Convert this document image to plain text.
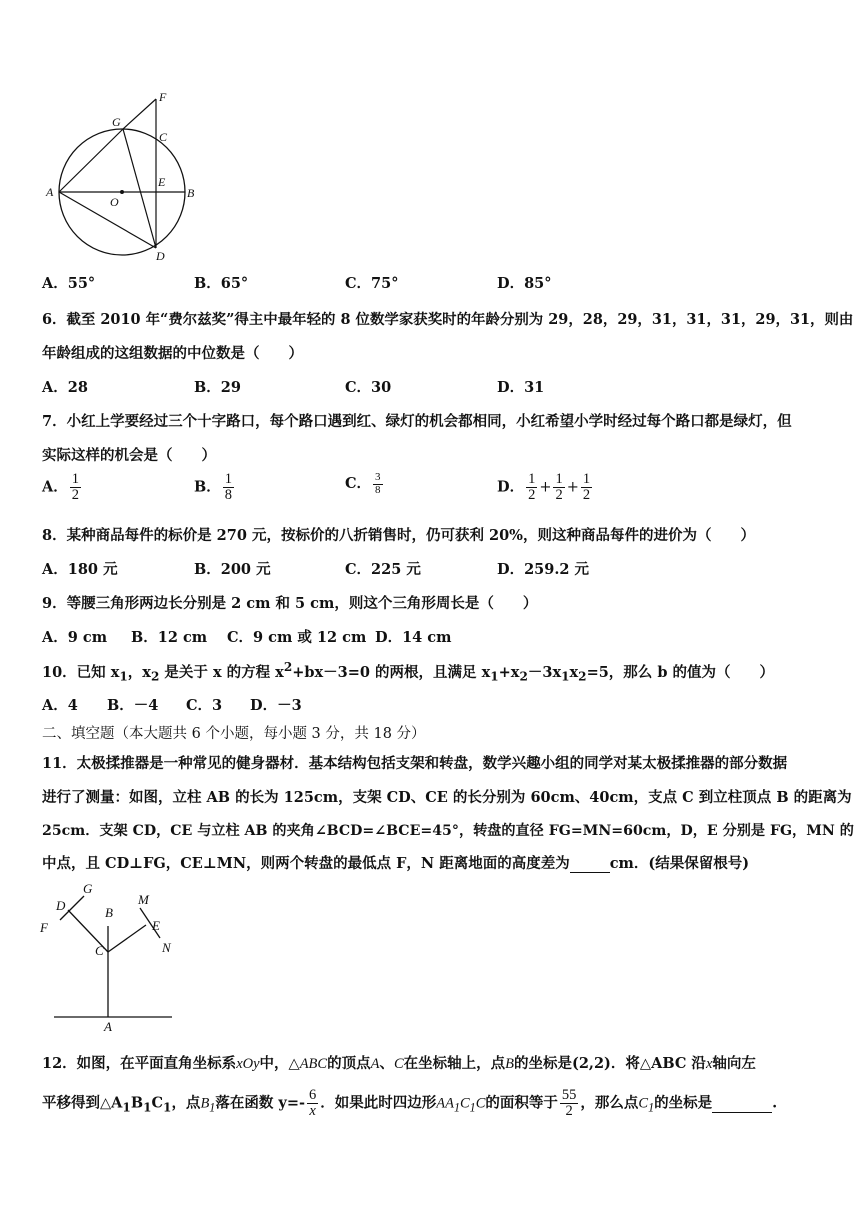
A
O
E
B
G
F
C
D
A．55°	B．65°	C．75°	D．85°
6．截至 2010 年“费尔兹奖”得主中最年轻的 8 位数学家获奖时的年龄分别为 29，28，29，31，31，31，29，31，则由
年龄组成的这组数据的中位数是（　　）
A．28	B．29	C．30	D．31
7．小红上学要经过三个十字路口，每个路口遇到红、绿灯的机会都相同，小红希望小学时经过每个路口都是绿灯，但
实际这样的机会是（　　）
A． $\frac{1}{2}$	B． $\frac{1}{8}$	C． $\frac{3}{8}$	D． $\frac{1}{2} + \frac{1}{2} + \frac{1}{2}$
8．某种商品每件的标价是 270 元，按标价的八折销售时，仍可获利 20%，则这种商品每件的进价为（　　）
A．180 元	B．200 元	C．225 元	D．259.2 元
9．等腰三角形两边长分别是 2 cm 和 5 cm，则这个三角形周长是（　　）
A．9 cm B．12 cm C．9 cm 或 12 cm D．14 cm
10．已知 $x_1$，$x_2$ 是关于 x 的方程 $x^2+bx-3=0$ 的两根，且满足 $x_1+x_2-3x_1x_2=5$，那么 b 的值为（　　）
A．4 B．－4 C．3 D．－3
二、填空题（本大题共 6 个小题，每小题 3 分，共 18 分）
11．太极揉推器是一种常见的健身器材．基本结构包括支架和转盘，数学兴趣小组的同学对某太极揉推器的部分数据
进行了测量：如图，立柱 AB 的长为 125cm，支架 CD、CE 的长分别为 60cm、40cm，支点 C 到立柱顶点 B 的距离为
25cm．支架 CD，CE 与立柱 AB 的夹角∠BCD=∠BCE=45°，转盘的直径 FG=MN=60cm，D，E 分别是 FG，MN 的
中点，且 CD⊥FG，CE⊥MN，则两个转盘的最低点 F，N 距离地面的高度差为	cm．(结果保留根号)
D
G
B
M
E
F
C	N
A
12．如图，在平面直角坐标系xOy中，△ABC的顶点A、C在坐标轴上，点B的坐标是(2,2)．将△ABC 沿x轴向左
平移得到$\triangle A_1B_1C_1$，点$B_1$落在函数 $y=- \frac{6}{x}$ ．如果此时四边形$AA_1C_1C$的面积等于 $\frac{55}{2}$ ，那么点$C_1$的坐标是	.
